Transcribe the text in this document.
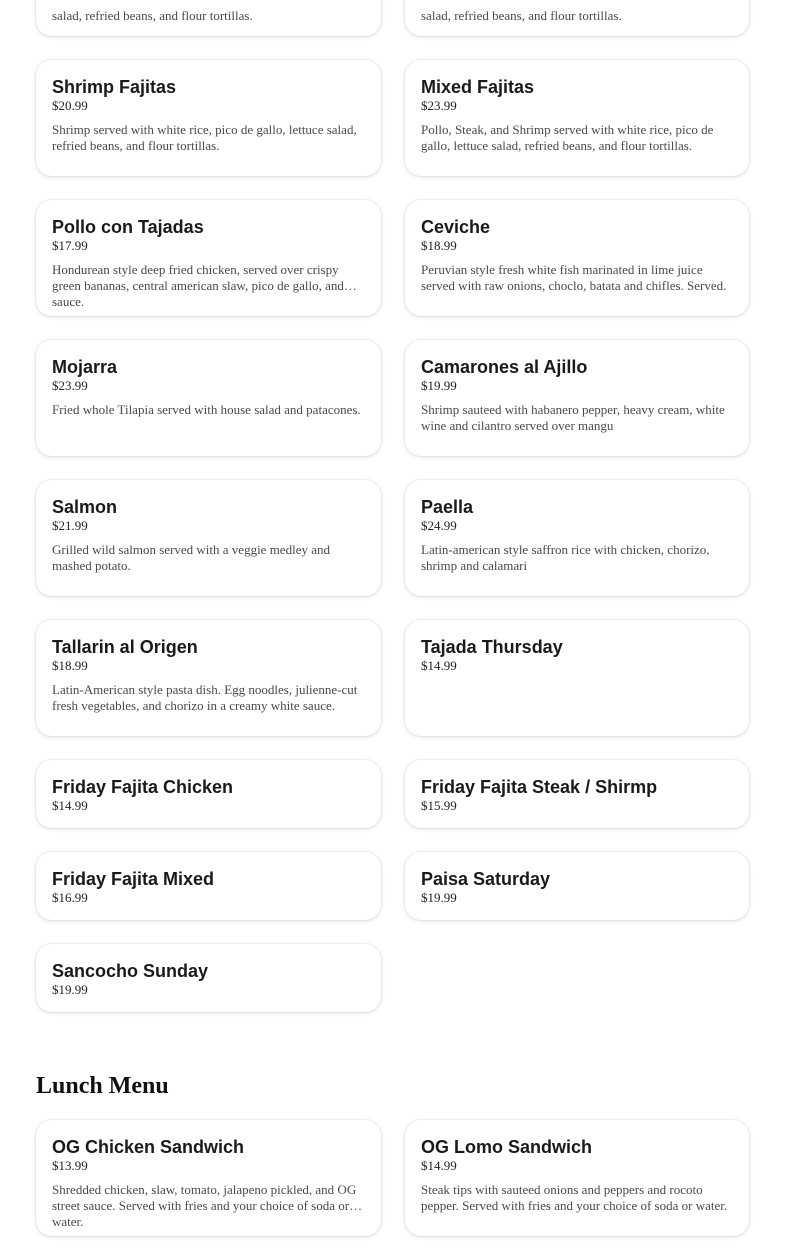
salad, refried beans, and flour tortillas.	salad, refried beans, and flour tortillas.
Shrimp Fajitas
$20.99
Shrimp served with white rice, pico de gallo, lettuce salad, refried beans, and flour tortillas.
Mixed Fajitas
$23.99
Pollo, Steak, and Shrimp served with white rice, pico de gallo, lettuce salad, refried beans, and flour tortillas.
Pollo con Tajadas
$17.99
Hondurean style deep fried chicken, served over crispy green bananas, central american slaw, pico de gallo, and sauce.
Ceviche
$18.99
Peruvian style fresh white fish marinated in lime juice served with raw onions, choclo, batata and chifles. Served.
Mojarra
$23.99
Fried whole Tilapia served with house salad and patacones.
Camarones al Ajillo
$19.99
Shrimp sauteed with habanero pepper, heavy cream, white wine and cilantro served over mangu
Salmon
$21.99
Grilled wild salmon served with a veggie medley and mashed potato.
Paella
$24.99
Latin-american style saffron rice with chicken, chorizo, shrimp and calamari
Tallarin al Origen
$18.99
Latin-American style pasta dish. Egg noodles, julienne-cut fresh vegetables, and chorizo in a creamy white sauce.
Tajada Thursday
$14.99
Friday Fajita Chicken
$14.99
Friday Fajita Steak / Shirmp
$15.99
Friday Fajita Mixed
$16.99
Paisa Saturday
$19.99
Sancocho Sunday
$19.99
Lunch Menu
OG Chicken Sandwich
$13.99
Shredded chicken, slaw, tomato, jalapeno pickled, and OG street sauce. Served with fries and your choice of soda or water.
OG Lomo Sandwich
$14.99
Steak tips with sauteed onions and peppers and rocoto pepper. Served with fries and your choice of soda or water.
